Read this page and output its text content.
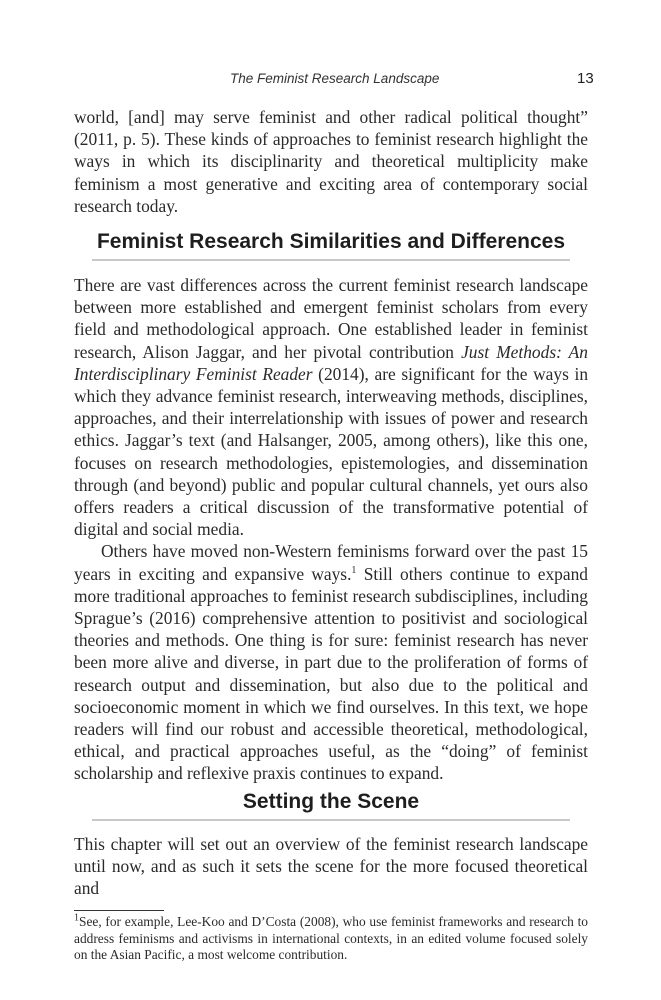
The Feminist Research Landscape	13

world, [and] may serve feminist and other radical political thought” (2011, p. 5). These kinds of approaches to feminist research highlight the ways in which its disciplinarity and theoretical multiplicity make feminism a most generative and exciting area of contemporary social research today.

Feminist Research Similarities and Differences

There are vast differences across the current feminist research landscape between more established and emergent feminist scholars from every field and methodological approach. One established leader in feminist research, Alison Jaggar, and her pivotal contribution Just Methods: An Interdisciplinary Feminist Reader (2014), are significant for the ways in which they advance feminist research, interweaving methods, disciplines, approaches, and their interrelationship with issues of power and research ethics. Jaggar’s text (and Halsanger, 2005, among others), like this one, focuses on research methodologies, epistemologies, and dissemination through (and beyond) public and popular cultural channels, yet ours also offers readers a critical discussion of the transformative potential of digital and social media.

Others have moved non-Western feminisms forward over the past 15 years in exciting and expansive ways.$^1$ Still others continue to expand more traditional approaches to feminist research subdisciplines, including Sprague’s (2016) comprehensive attention to positivist and sociological theories and methods. One thing is for sure: feminist research has never been more alive and diverse, in part due to the proliferation of forms of research output and dissemination, but also due to the political and socioeconomic moment in which we find ourselves. In this text, we hope readers will find our robust and accessible theoretical, methodological, ethical, and practical approaches useful, as the “doing” of feminist scholarship and reflexive praxis continues to expand.

Setting the Scene

This chapter will set out an overview of the feminist research landscape until now, and as such it sets the scene for the more focused theoretical and

$^1$See, for example, Lee-Koo and D’Costa (2008), who use feminist frameworks and research to address feminisms and activisms in international contexts, in an edited volume focused solely on the Asian Pacific, a most welcome contribution.
